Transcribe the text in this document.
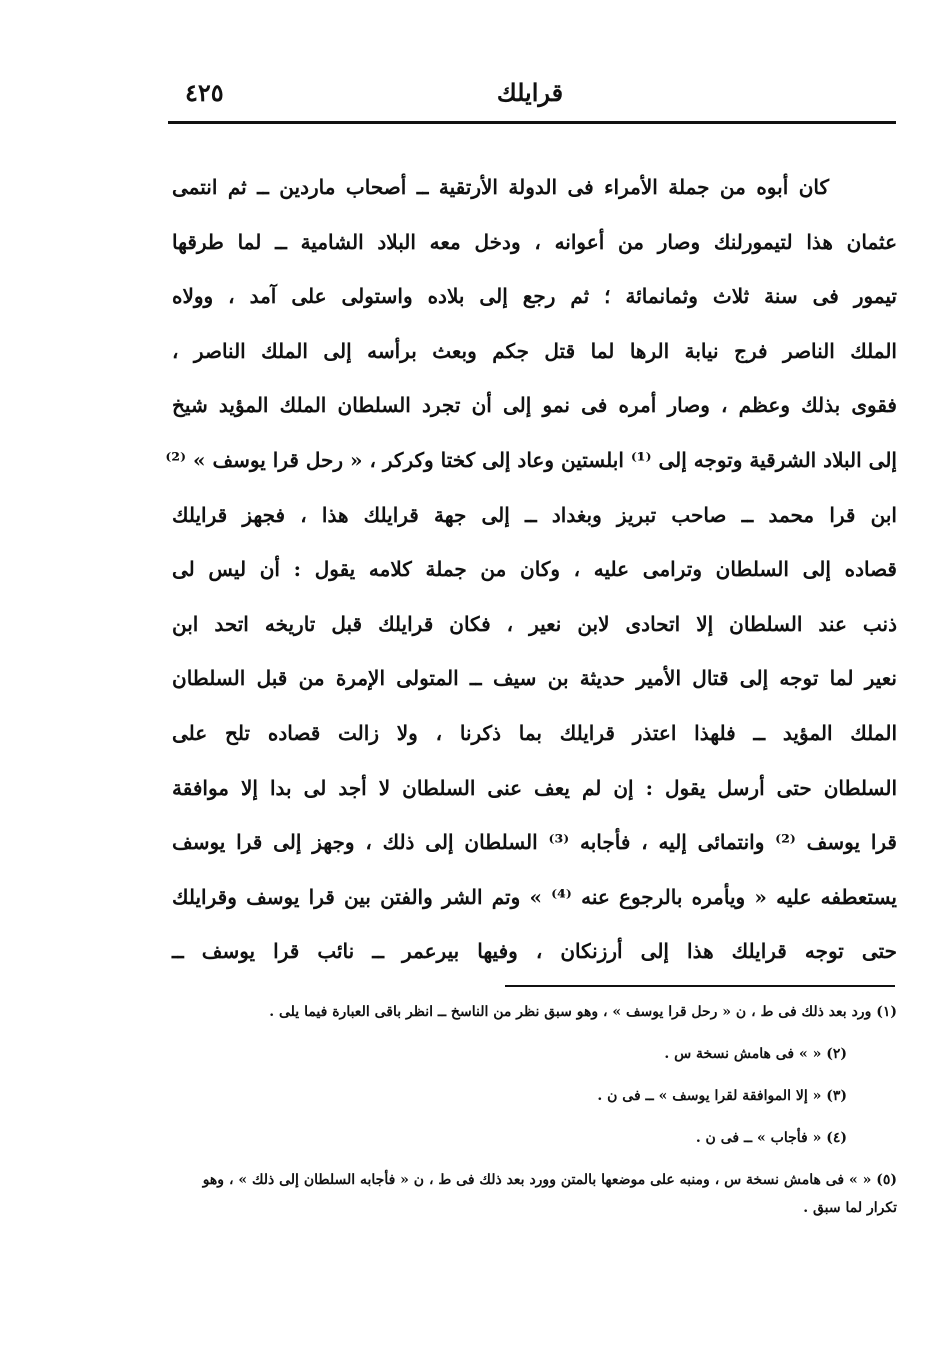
قرايلك
٤٢٥
كان أبوه من جملة الأمراء فى الدولة الأرتقية ــ أصحاب ماردين ــ ثم انتمى
عثمان هذا لتيمورلنك وصار من أعوانه ، ودخل معه البلاد الشامية ــ لما طرقها
تيمور فى سنة ثلاث وثمانمائة ؛ ثم رجع إلى بلاده واستولى على آمد ، وولاه
الملك الناصر فرج نيابة الرها لما قتل جكم وبعث برأسه إلى الملك الناصر ،
فقوى بذلك وعظم ، وصار أمره فى نمو إلى أن تجرد السلطان الملك المؤيد شيخ
إلى البلاد الشرقية وتوجه إلى ⁽¹⁾ ابلستين وعاد إلى كختا وكركر ، « رحل قرا يوسف » ⁽²⁾
ابن قرا محمد ــ صاحب تبريز وبغداد ــ إلى جهة قرايلك هذا ، فجهز قرايلك
قصاده إلى السلطان وترامى عليه ، وكان من جملة كلامه يقول : أن ليس لى
ذنب عند السلطان إلا اتحادى لابن نعير ، فكان قرايلك قبل تاريخه اتحد ابن
نعير لما توجه إلى قتال الأمير حديثة بن سيف ــ المتولى الإمرة من قبل السلطان
الملك المؤيد ــ فلهذا اعتذر قرايلك بما ذكرنا ، ولا زالت قصاده تلح على
السلطان حتى أرسل يقول : إن لم يعف عنى السلطان لا أجد لى بدا إلا موافقة
قرا يوسف ⁽²⁾ وانتمائى إليه ، فأجابه ⁽³⁾ السلطان إلى ذلك ، وجهز إلى قرا يوسف
يستعطفه عليه « ويأمره بالرجوع عنه ⁽⁴⁾ » وتم الشر والفتن بين قرا يوسف وقرايلك
حتى توجه قرايلك هذا إلى أرزنكان ، وفيها بيرعمر ــ نائب قرا يوسف ــ
(١) ورد بعد ذلك فى ط ، ن « رحل قرا يوسف » ، وهو سبق نظر من الناسخ ــ انظر باقى العبارة فيما يلى .
(٢) « » فى هامش نسخة س .
(٣) « إلا الموافقة لقرا يوسف » ــ فى ن .
(٤) « فأجاب » ــ فى ن .
(٥) « » فى هامش نسخة س ، ومنبه على موضعها بالمتن وورد بعد ذلك فى ط ، ن « فأجابه السلطان إلى ذلك » ، وهو تكرار لما سبق .
